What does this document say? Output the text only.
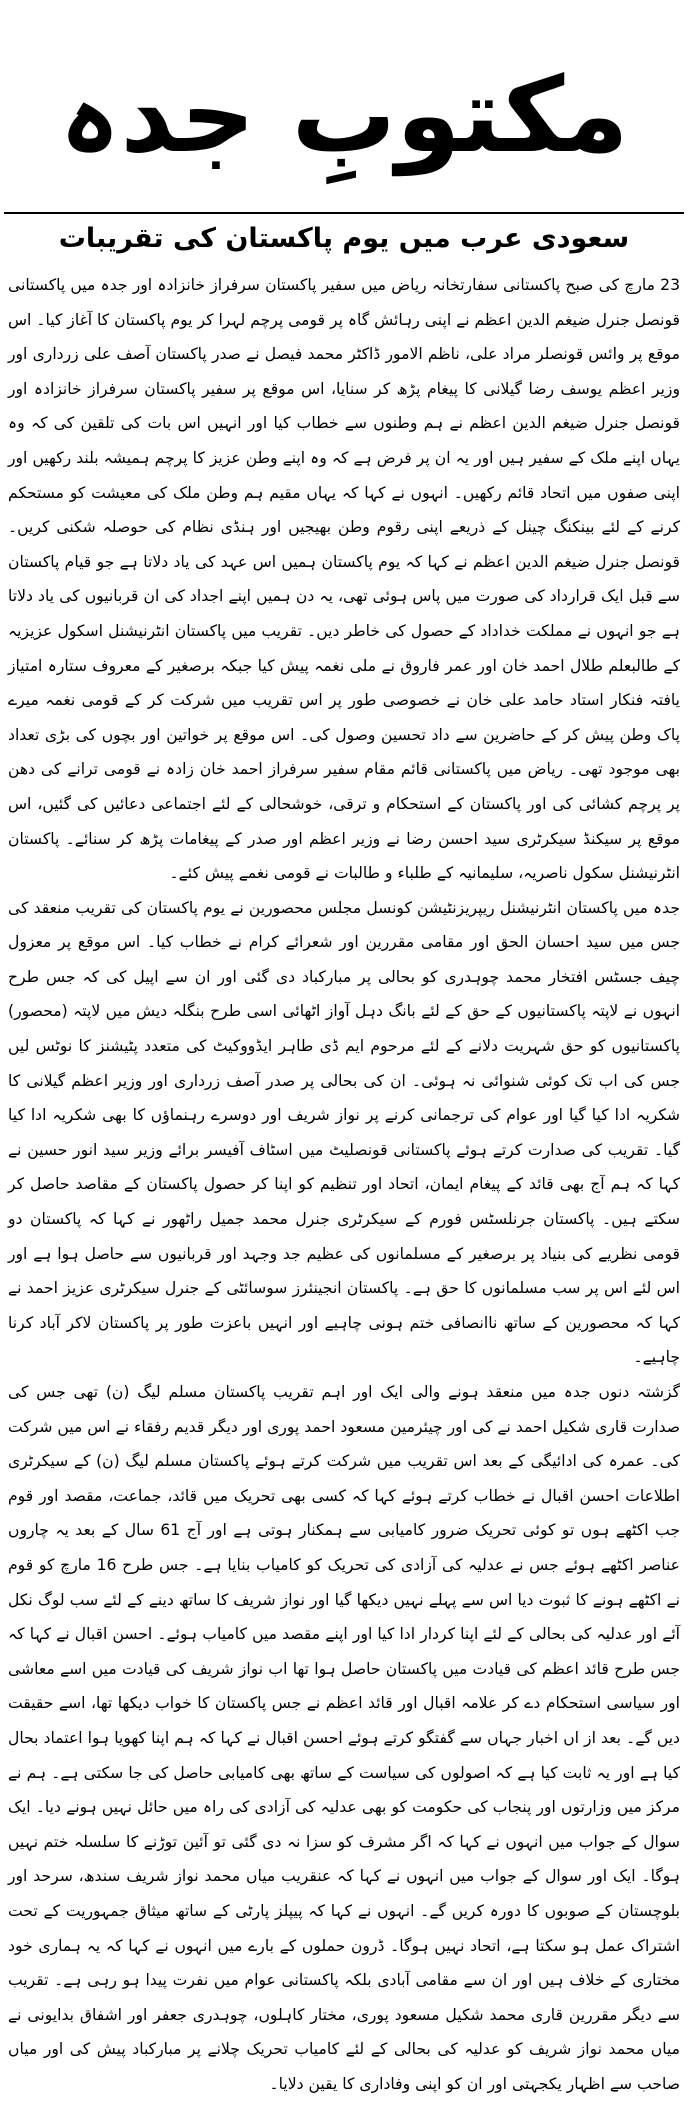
مکتوبِ جدہ
سعودی عرب میں یوم پاکستان کی تقریبات

23 مارچ کی صبح پاکستانی سفارتخانہ ریاض میں سفیر پاکستان سرفراز خانزادہ اور جدہ میں پاکستانی قونصل جنرل ضیغم الدین اعظم نے اپنی رہائش گاہ پر قومی پرچم لہرا کر یوم پاکستان کا آغاز کیا۔ اس موقع پر وائس قونصلر مراد علی، ناظم الامور ڈاکٹر محمد فیصل نے صدر پاکستان آصف علی زرداری اور وزیر اعظم یوسف رضا گیلانی کا پیغام پڑھ کر سنایا، اس موقع پر سفیر پاکستان سرفراز خانزادہ اور قونصل جنرل ضیغم الدین اعظم نے ہم وطنوں سے خطاب کیا اور انہیں اس بات کی تلقین کی کہ وہ یہاں اپنے ملک کے سفیر ہیں اور یہ ان پر فرض ہے کہ وہ اپنے وطن عزیز کا پرچم ہمیشہ بلند رکھیں اور اپنی صفوں میں اتحاد قائم رکھیں۔ انہوں نے کہا کہ یہاں مقیم ہم وطن ملک کی معیشت کو مستحکم کرنے کے لئے بینکنگ چینل کے ذریعے اپنی رقوم وطن بھیجیں اور ہنڈی نظام کی حوصلہ شکنی کریں۔ قونصل جنرل ضیغم الدین اعظم نے کہا کہ یوم پاکستان ہمیں اس عہد کی یاد دلاتا ہے جو قیام پاکستان سے قبل ایک قرارداد کی صورت میں پاس ہوئی تھی، یہ دن ہمیں اپنے اجداد کی ان قربانیوں کی یاد دلاتا ہے جو انہوں نے مملکت خداداد کے حصول کی خاطر دیں۔ تقریب میں پاکستان انٹرنیشنل اسکول عزیزیہ کے طالبعلم طلال احمد خان اور عمر فاروق نے ملی نغمہ پیش کیا جبکہ برصغیر کے معروف ستارہ امتیاز یافتہ فنکار استاد حامد علی خان نے خصوصی طور پر اس تقریب میں شرکت کر کے قومی نغمہ میرے پاک وطن پیش کر کے حاضرین سے داد تحسین وصول کی۔ اس موقع پر خواتین اور بچوں کی بڑی تعداد بھی موجود تھی۔ ریاض میں پاکستانی قائم مقام سفیر سرفراز احمد خان زادہ نے قومی ترانے کی دھن پر پرچم کشائی کی اور پاکستان کے استحکام و ترقی، خوشحالی کے لئے اجتماعی دعائیں کی گئیں، اس موقع پر سیکنڈ سیکرٹری سید احسن رضا نے وزیر اعظم اور صدر کے پیغامات پڑھ کر سنائے۔ پاکستان انٹرنیشنل سکول ناصریہ، سلیمانیہ کے طلباء و طالبات نے قومی نغمے پیش کئے۔

جدہ میں پاکستان انٹرنیشنل ریپریزنٹیشن کونسل مجلس محصورین نے یوم پاکستان کی تقریب منعقد کی جس میں سید احسان الحق اور مقامی مقررین اور شعرائے کرام نے خطاب کیا۔ اس موقع پر معزول چیف جسٹس افتخار محمد چوہدری کو بحالی پر مبارکباد دی گئی اور ان سے اپیل کی کہ جس طرح انہوں نے لاپتہ پاکستانیوں کے حق کے لئے بانگ دہل آواز اٹھائی اسی طرح بنگلہ دیش میں لاپتہ (محصور) پاکستانیوں کو حق شہریت دلانے کے لئے مرحوم ایم ڈی طاہر ایڈووکیٹ کی متعدد پٹیشنز کا نوٹس لیں جس کی اب تک کوئی شنوائی نہ ہوئی۔ ان کی بحالی پر صدر آصف زرداری اور وزیر اعظم گیلانی کا شکریہ ادا کیا گیا اور عوام کی ترجمانی کرنے پر نواز شریف اور دوسرے رہنماؤں کا بھی شکریہ ادا کیا گیا۔ تقریب کی صدارت کرتے ہوئے پاکستانی قونصلیٹ میں اسٹاف آفیسر برائے وزیر سید انور حسین نے کہا کہ ہم آج بھی قائد کے پیغام ایمان، اتحاد اور تنظیم کو اپنا کر حصول پاکستان کے مقاصد حاصل کر سکتے ہیں۔ پاکستان جرنلسٹس فورم کے سیکرٹری جنرل محمد جمیل راٹھور نے کہا کہ پاکستان دو قومی نظریے کی بنیاد پر برصغیر کے مسلمانوں کی عظیم جد وجہد اور قربانیوں سے حاصل ہوا ہے اور اس لئے اس پر سب مسلمانوں کا حق ہے۔ پاکستان انجینئرز سوسائٹی کے جنرل سیکرٹری عزیز احمد نے کہا کہ محصورین کے ساتھ ناانصافی ختم ہونی چاہیے اور انہیں باعزت طور پر پاکستان لاکر آباد کرنا چاہیے۔

گزشتہ دنوں جدہ میں منعقد ہونے والی ایک اور اہم تقریب پاکستان مسلم لیگ (ن) تھی جس کی صدارت قاری شکیل احمد نے کی اور چیئرمین مسعود احمد پوری اور دیگر قدیم رفقاء نے اس میں شرکت کی۔ عمرہ کی ادائیگی کے بعد اس تقریب میں شرکت کرتے ہوئے پاکستان مسلم لیگ (ن) کے سیکرٹری اطلاعات احسن اقبال نے خطاب کرتے ہوئے کہا کہ کسی بھی تحریک میں قائد، جماعت، مقصد اور قوم جب اکٹھے ہوں تو کوئی تحریک ضرور کامیابی سے ہمکنار ہوتی ہے اور آج 61 سال کے بعد یہ چاروں عناصر اکٹھے ہوئے جس نے عدلیہ کی آزادی کی تحریک کو کامیاب بنایا ہے۔ جس طرح 16 مارچ کو قوم نے اکٹھے ہونے کا ثبوت دیا اس سے پہلے نہیں دیکھا گیا اور نواز شریف کا ساتھ دینے کے لئے سب لوگ نکل آئے اور عدلیہ کی بحالی کے لئے اپنا کردار ادا کیا اور اپنے مقصد میں کامیاب ہوئے۔ احسن اقبال نے کہا کہ جس طرح قائد اعظم کی قیادت میں پاکستان حاصل ہوا تھا اب نواز شریف کی قیادت میں اسے معاشی اور سیاسی استحکام دے کر علامہ اقبال اور قائد اعظم نے جس پاکستان کا خواب دیکھا تھا، اسے حقیقت دیں گے۔ بعد از اں اخبار جہاں سے گفتگو کرتے ہوئے احسن اقبال نے کہا کہ ہم اپنا کھویا ہوا اعتماد بحال کیا ہے اور یہ ثابت کیا ہے کہ اصولوں کی سیاست کے ساتھ بھی کامیابی حاصل کی جا سکتی ہے۔ ہم نے مرکز میں وزارتوں اور پنجاب کی حکومت کو بھی عدلیہ کی آزادی کی راہ میں حائل نہیں ہونے دیا۔ ایک سوال کے جواب میں انہوں نے کہا کہ اگر مشرف کو سزا نہ دی گئی تو آئین توڑنے کا سلسلہ ختم نہیں ہوگا۔ ایک اور سوال کے جواب میں انہوں نے کہا کہ عنقریب میاں محمد نواز شریف سندھ، سرحد اور بلوچستان کے صوبوں کا دورہ کریں گے۔ انہوں نے کہا کہ پیپلز پارٹی کے ساتھ میثاق جمہوریت کے تحت اشتراک عمل ہو سکتا ہے، اتحاد نہیں ہوگا۔ ڈرون حملوں کے بارے میں انہوں نے کہا کہ یہ ہماری خود مختاری کے خلاف ہیں اور ان سے مقامی آبادی بلکہ پاکستانی عوام میں نفرت پیدا ہو رہی ہے۔ تقریب سے دیگر مقررین قاری محمد شکیل مسعود پوری، مختار کاہلوں، چوہدری جعفر اور اشفاق بدایونی نے میاں محمد نواز شریف کو عدلیہ کی بحالی کے لئے کامیاب تحریک چلانے پر مبارکباد پیش کی اور میاں صاحب سے اظہار یکجہتی اور ان کو اپنی وفاداری کا یقین دلایا۔
